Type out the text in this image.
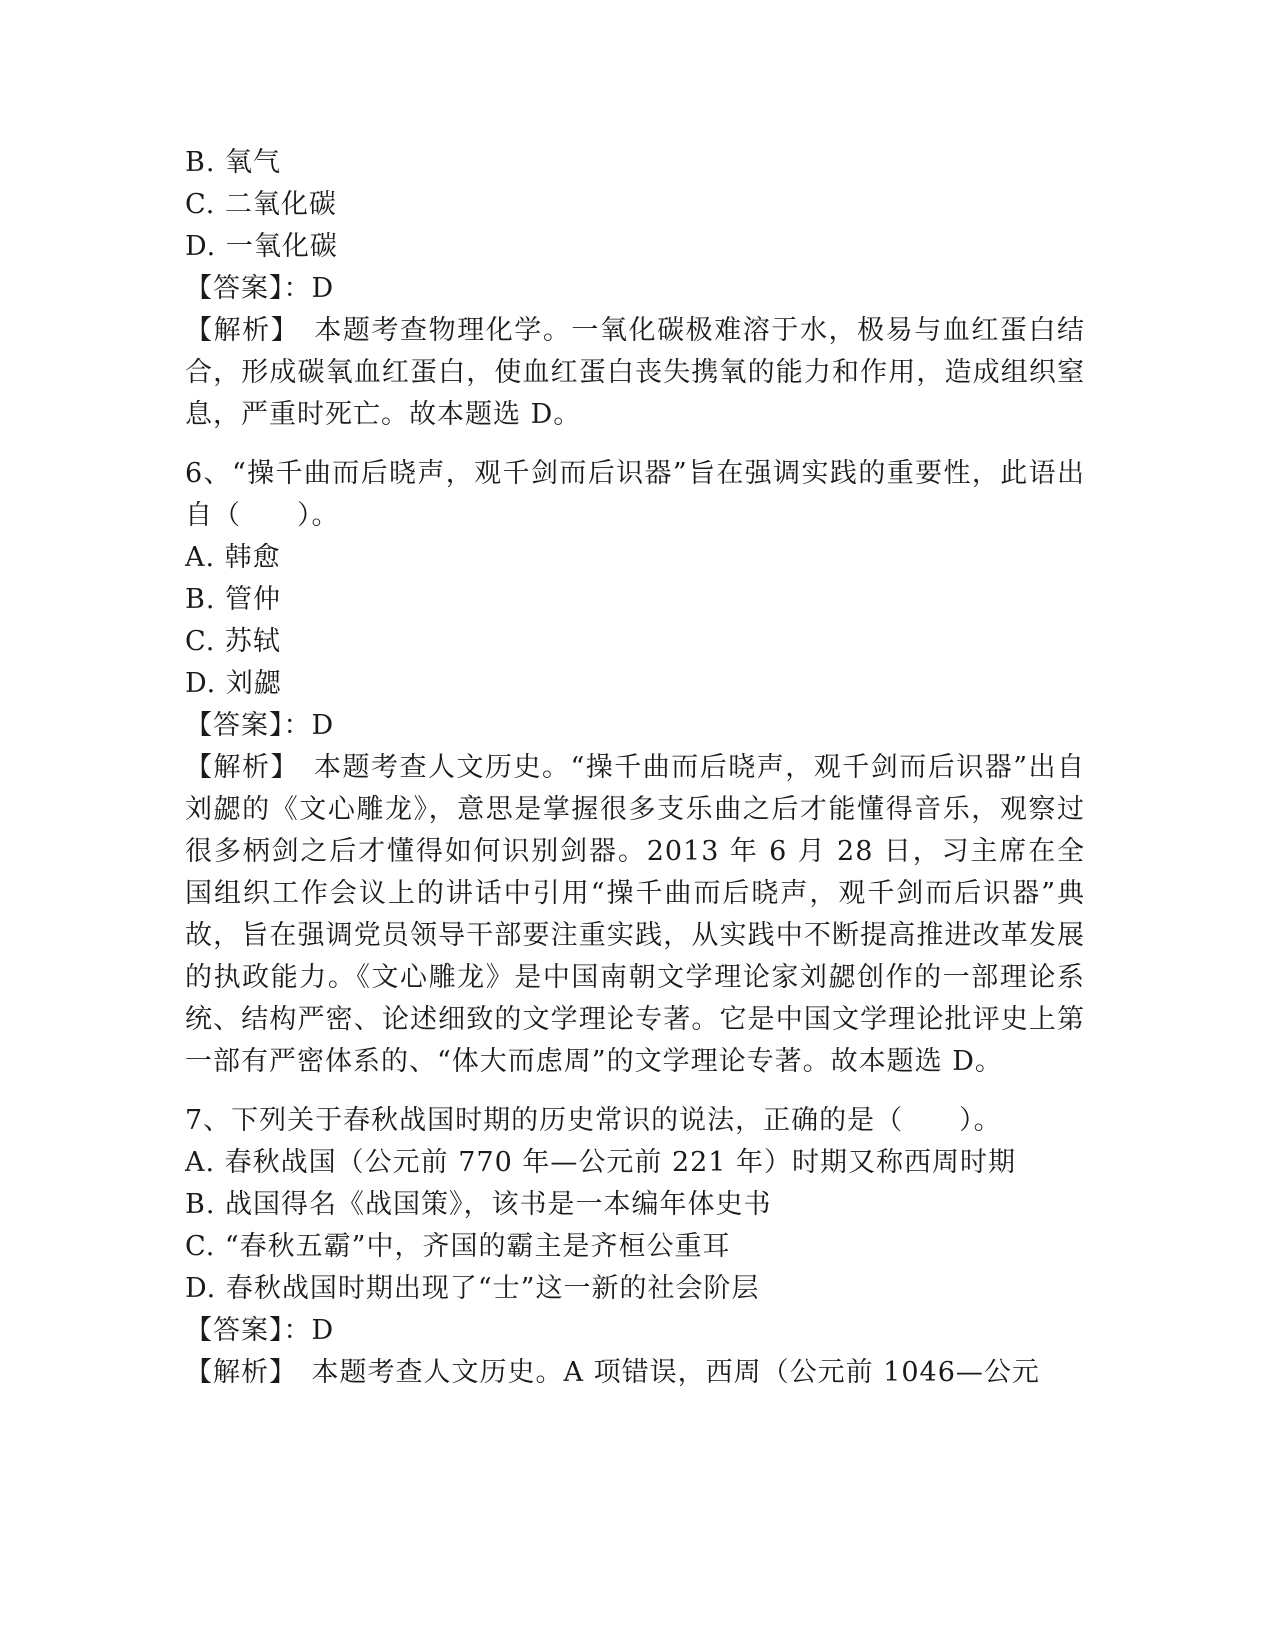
B. 氧气
C. 二氧化碳
D. 一氧化碳
【答案】：D
【解析】　 本题考查物理化学。一氧化碳极难溶于水，极易与血红蛋白结合，形成碳氧血红蛋白，使血红蛋白丧失携氧的能力和作用，造成组织窒息，严重时死亡。故本题选 D。
6、“操千曲而后晓声，观千剑而后识器”旨在强调实践的重要性，此语出自（　　）。
A. 韩愈
B. 管仲
C. 苏轼
D. 刘勰
【答案】：D
【解析】　 本题考查人文历史。“操千曲而后晓声，观千剑而后识器”出自刘勰的《文心雕龙》，意思是掌握很多支乐曲之后才能懂得音乐，观察过很多柄剑之后才懂得如何识别剑器。2013 年 6 月 28 日，习主席在全国组织工作会议上的讲话中引用“操千曲而后晓声，观千剑而后识器”典故，旨在强调党员领导干部要注重实践，从实践中不断提高推进改革发展的执政能力。《文心雕龙》是中国南朝文学理论家刘勰创作的一部理论系统、结构严密、论述细致的文学理论专著。它是中国文学理论批评史上第一部有严密体系的、“体大而虑周”的文学理论专著。故本题选 D。
7、下列关于春秋战国时期的历史常识的说法，正确的是（　　）。
A. 春秋战国（公元前 770 年—公元前 221 年）时期又称西周时期
B. 战国得名《战国策》，该书是一本编年体史书
C. “春秋五霸”中，齐国的霸主是齐桓公重耳
D. 春秋战国时期出现了“士”这一新的社会阶层
【答案】：D
【解析】　 本题考查人文历史。A 项错误，西周（公元前 1046—公元
